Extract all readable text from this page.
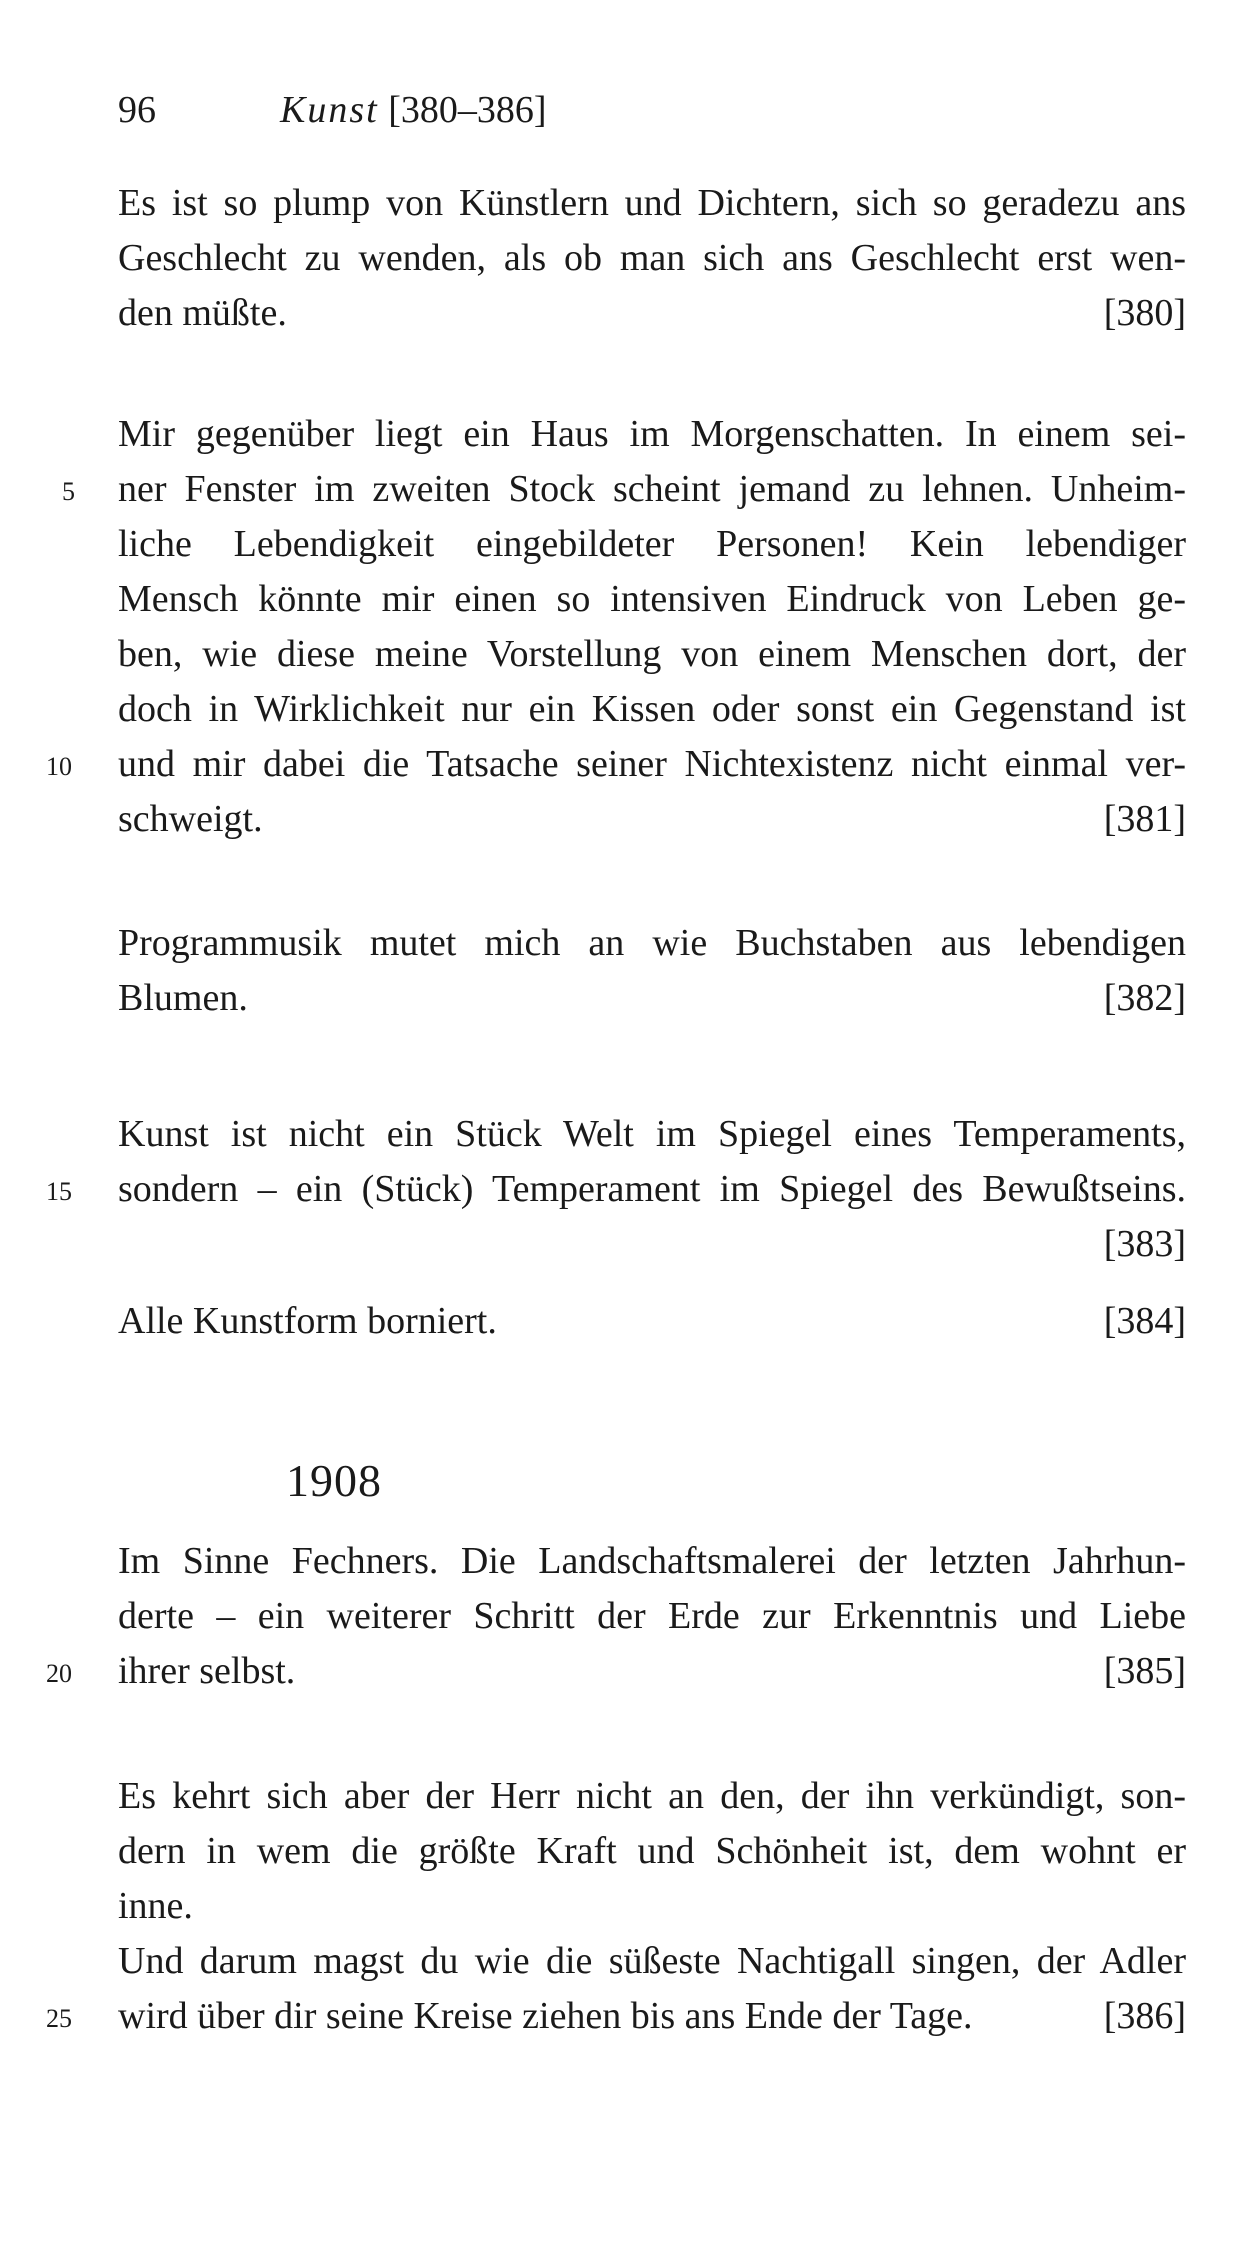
96	Kunst [380–386]
Es ist so plump von Künstlern und Dichtern, sich so geradezu ans
Geschlecht zu wenden, als ob man sich ans Geschlecht erst wen-
den müßte.	[380]
Mir gegenüber liegt ein Haus im Morgenschatten. In einem sei-
ner Fenster im zweiten Stock scheint jemand zu lehnen. Unheim-
liche Lebendigkeit eingebildeter Personen! Kein lebendiger
Mensch könnte mir einen so intensiven Eindruck von Leben ge-
ben, wie diese meine Vorstellung von einem Menschen dort, der
doch in Wirklichkeit nur ein Kissen oder sonst ein Gegenstand ist
und mir dabei die Tatsache seiner Nichtexistenz nicht einmal ver-
schweigt.	[381]
Programmusik mutet mich an wie Buchstaben aus lebendigen
Blumen.	[382]
Kunst ist nicht ein Stück Welt im Spiegel eines Temperaments,
sondern – ein (Stück) Temperament im Spiegel des Bewußtseins.
[383]
Alle Kunstform borniert.	[384]
1908
Im Sinne Fechners. Die Landschaftsmalerei der letzten Jahrhun-
derte – ein weiterer Schritt der Erde zur Erkenntnis und Liebe
ihrer selbst.	[385]
Es kehrt sich aber der Herr nicht an den, der ihn verkündigt, son-
dern in wem die größte Kraft und Schönheit ist, dem wohnt er
inne.
Und darum magst du wie die süßeste Nachtigall singen, der Adler
wird über dir seine Kreise ziehen bis ans Ende der Tage.	[386]
5
10
15
20
25
